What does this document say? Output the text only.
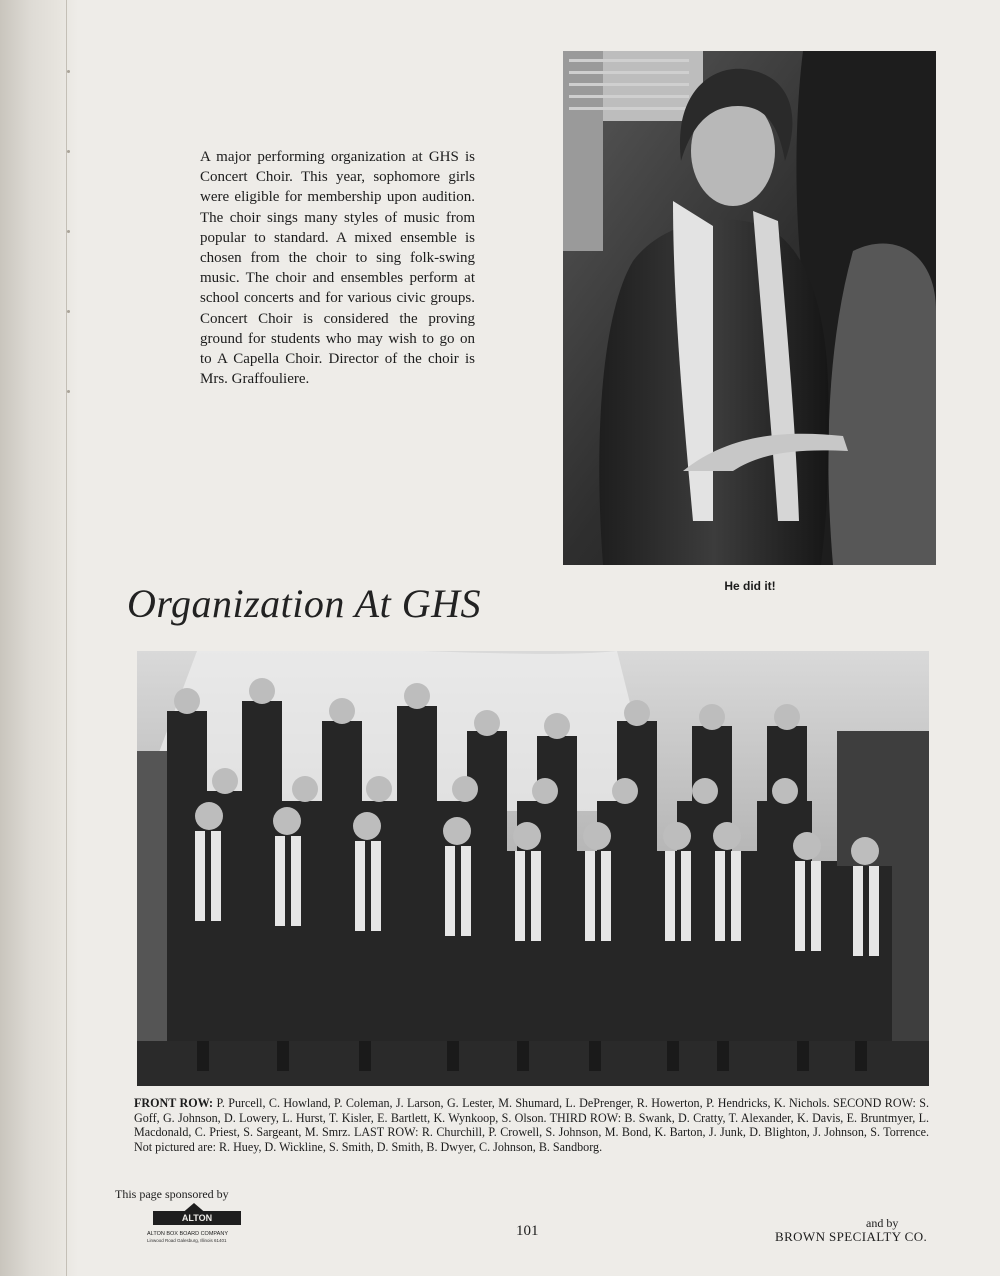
A major performing organization at GHS is Concert Choir. This year, sophomore girls were eligible for membership upon audition. The choir sings many styles of music from popular to standard. A mixed ensemble is chosen from the choir to sing folk-swing music. The choir and ensembles perform at school concerts and for various civic groups. Concert Choir is considered the proving ground for students who may wish to go on to A Capella Choir. Director of the choir is Mrs. Graffouliere.
He did it!
Organization At GHS
FRONT ROW: P. Purcell, C. Howland, P. Coleman, J. Larson, G. Lester, M. Shumard, L. DePrenger, R. Howerton, P. Hendricks, K. Nichols. SECOND ROW: S. Goff, G. Johnson, D. Lowery, L. Hurst, T. Kisler, E. Bartlett, K. Wynkoop, S. Olson. THIRD ROW: B. Swank, D. Cratty, T. Alexander, K. Davis, E. Bruntmyer, L. Macdonald, C. Priest, S. Sargeant, M. Smrz. LAST ROW: R. Churchill, P. Crowell, S. Johnson, M. Bond, K. Barton, J. Junk, D. Blighton, J. Johnson, S. Torrence. Not pictured are: R. Huey, D. Wickline, S. Smith, D. Smith, B. Dwyer, C. Johnson, B. Sandborg.
This page sponsored by
ALTON
ALTON BOX BOARD COMPANY
Linwood Road Galesburg, Illinois 61401
101	and by
BROWN SPECIALTY CO.
